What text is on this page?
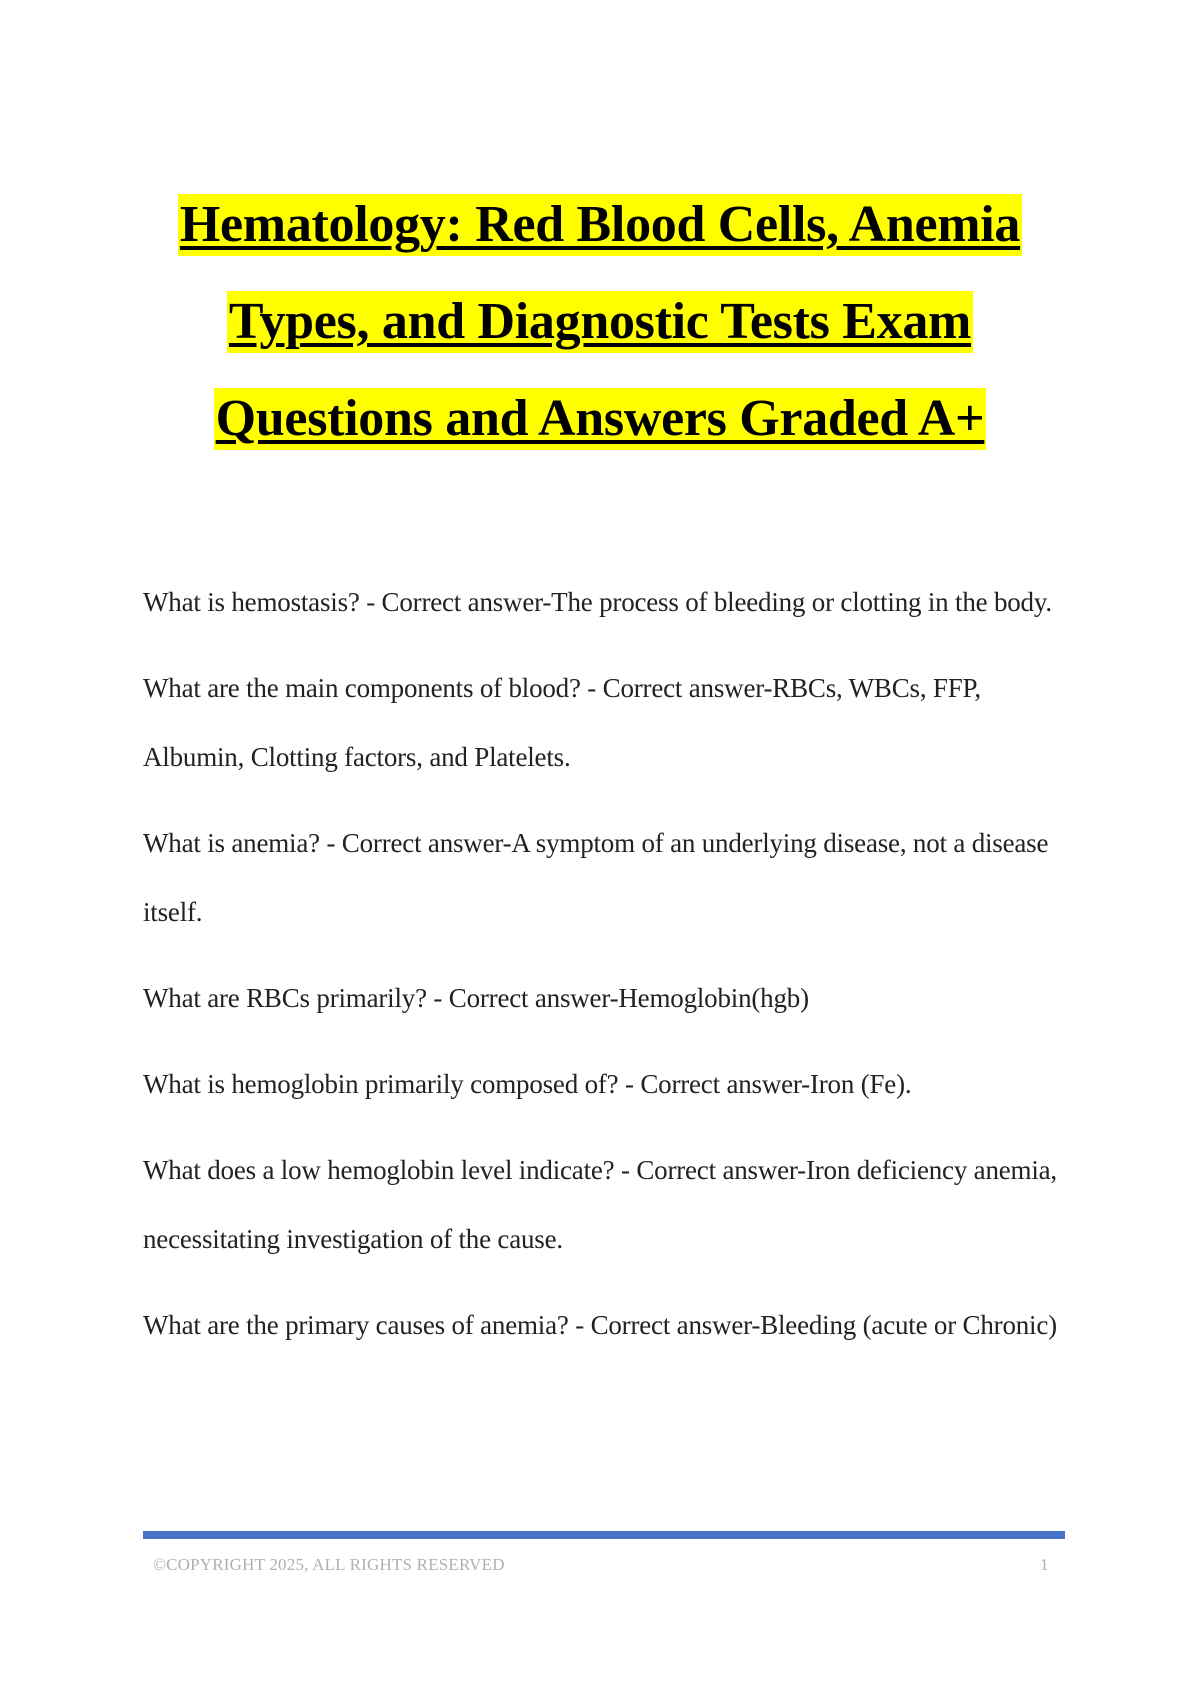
Hematology: Red Blood Cells, Anemia
Types, and Diagnostic Tests Exam
Questions and Answers Graded A+

What is hemostasis? - Correct answer-The process of bleeding or clotting in the body.

What are the main components of blood? - Correct answer-RBCs, WBCs, FFP, Albumin, Clotting factors, and Platelets.

What is anemia? - Correct answer-A symptom of an underlying disease, not a disease itself.

What are RBCs primarily? - Correct answer-Hemoglobin(hgb)

What is hemoglobin primarily composed of? - Correct answer-Iron (Fe).

What does a low hemoglobin level indicate? - Correct answer-Iron deficiency anemia, necessitating investigation of the cause.

What are the primary causes of anemia? - Correct answer-Bleeding (acute or Chronic)

©COPYRIGHT 2025, ALL RIGHTS RESERVED	1
